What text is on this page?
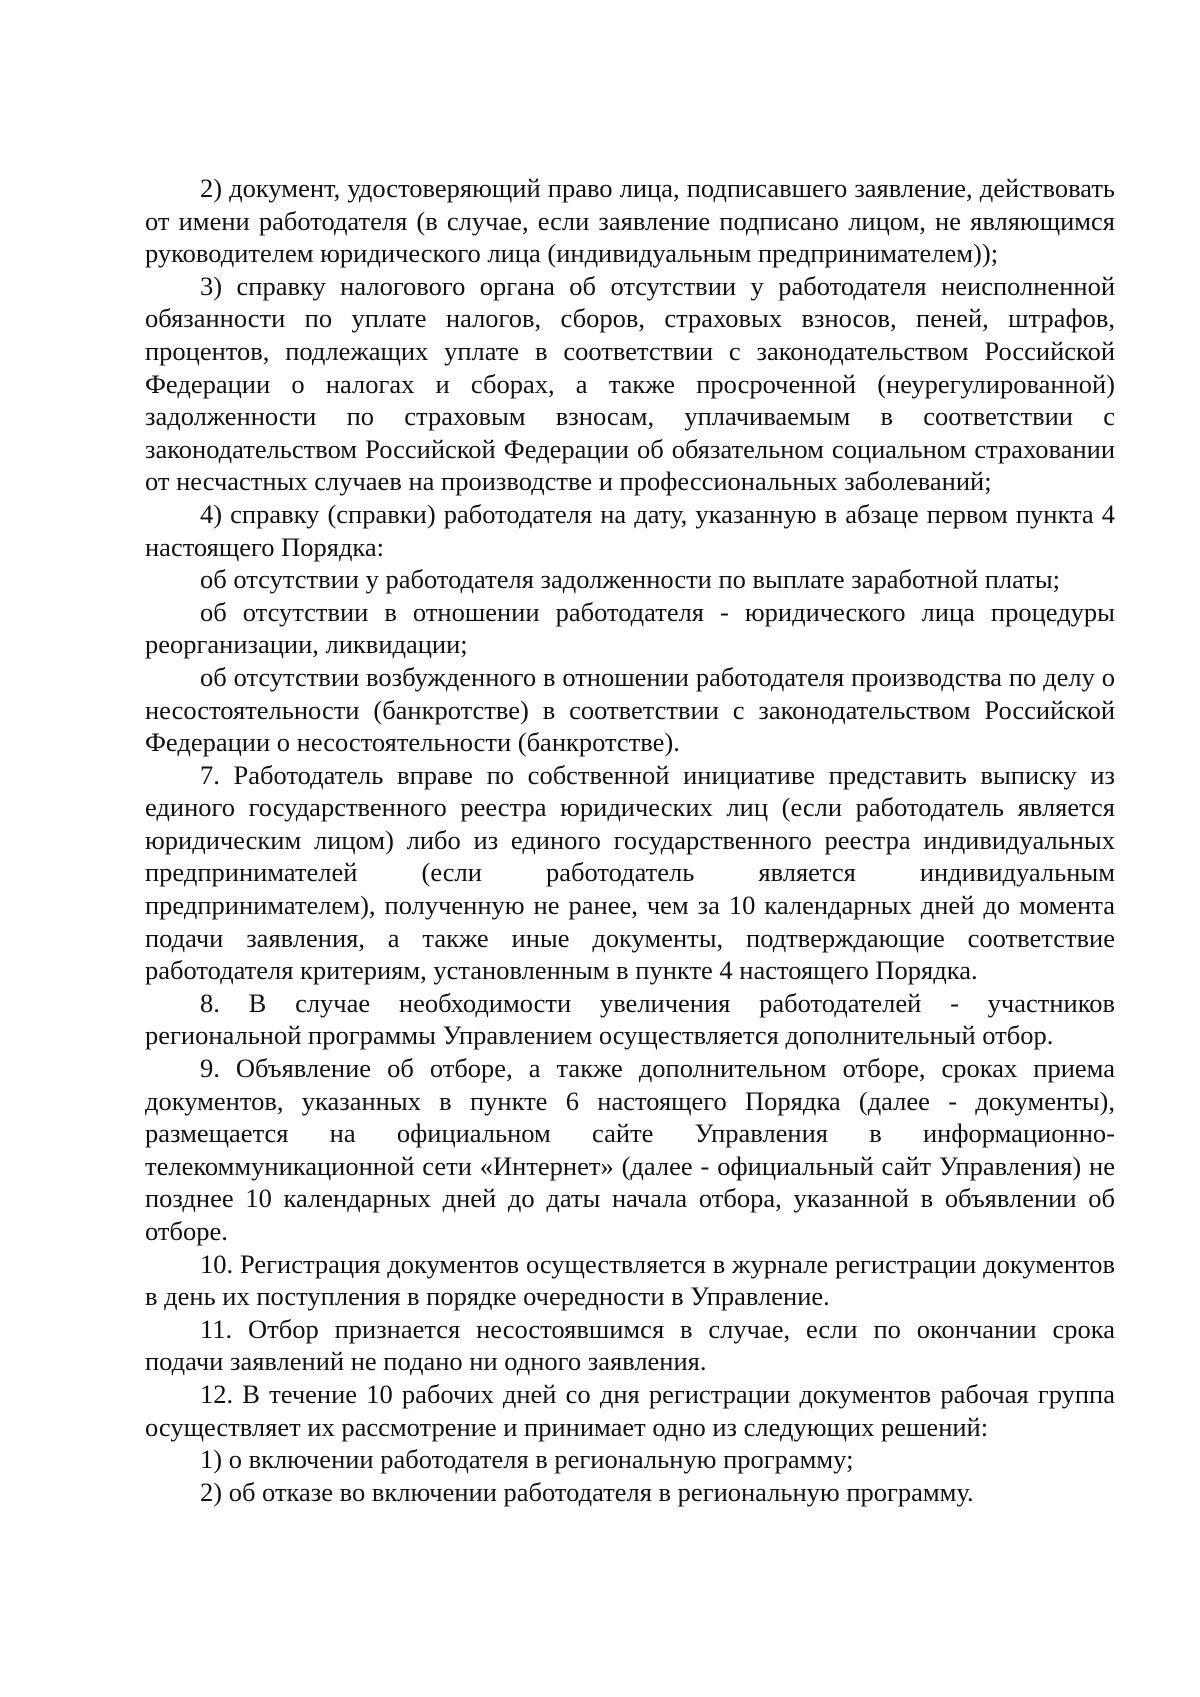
2) документ, удостоверяющий право лица, подписавшего заявление, действовать от имени работодателя (в случае, если заявление подписано лицом, не являющимся руководителем юридического лица (индивидуальным предпринимателем));

3) справку налогового органа об отсутствии у работодателя неисполненной обязанности по уплате налогов, сборов, страховых взносов, пеней, штрафов, процентов, подлежащих уплате в соответствии с законодательством Российской Федерации о налогах и сборах, а также просроченной (неурегулированной) задолженности по страховым взносам, уплачиваемым в соответствии с законодательством Российской Федерации об обязательном социальном страховании от несчастных случаев на производстве и профессиональных заболеваний;

4) справку (справки) работодателя на дату, указанную в абзаце первом пункта 4 настоящего Порядка:

об отсутствии у работодателя задолженности по выплате заработной платы;

об отсутствии в отношении работодателя - юридического лица процедуры реорганизации, ликвидации;

об отсутствии возбужденного в отношении работодателя производства по делу о несостоятельности (банкротстве) в соответствии с законодательством Российской Федерации о несостоятельности (банкротстве).

7. Работодатель вправе по собственной инициативе представить выписку из единого государственного реестра юридических лиц (если работодатель является юридическим лицом) либо из единого государственного реестра индивидуальных предпринимателей (если работодатель является индивидуальным предпринимателем), полученную не ранее, чем за 10 календарных дней до момента подачи заявления, а также иные документы, подтверждающие соответствие работодателя критериям, установленным в пункте 4 настоящего Порядка.

8. В случае необходимости увеличения работодателей - участников региональной программы Управлением осуществляется дополнительный отбор.

9. Объявление об отборе, а также дополнительном отборе, сроках приема документов, указанных в пункте 6 настоящего Порядка (далее - документы), размещается на официальном сайте Управления в информационно-телекоммуникационной сети «Интернет» (далее - официальный сайт Управления) не позднее 10 календарных дней до даты начала отбора, указанной в объявлении об отборе.

10. Регистрация документов осуществляется в журнале регистрации документов в день их поступления в порядке очередности в Управление.

11. Отбор признается несостоявшимся в случае, если по окончании срока подачи заявлений не подано ни одного заявления.

12. В течение 10 рабочих дней со дня регистрации документов рабочая группа осуществляет их рассмотрение и принимает одно из следующих решений:

1) о включении работодателя в региональную программу;

2) об отказе во включении работодателя в региональную программу.
